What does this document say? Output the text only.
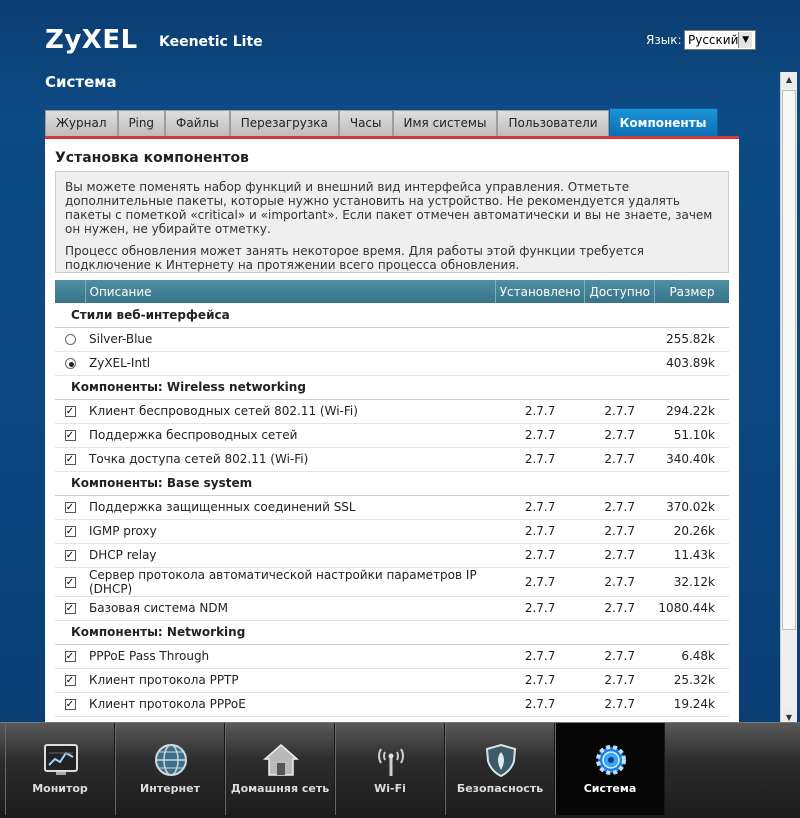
ZyXEL Keenetic Lite	Язык: Русский ▼
Система	▲
▼
Журнал	Ping	Файлы	Перезагрузка	Часы	Имя системы	Пользователи	Компоненты
Установка компонентов

Вы можете поменять набор функций и внешний вид интерфейса управления. Отметьте дополнительные пакеты, которые нужно установить на устройство. Не рекомендуется удалять пакеты с пометкой «critical» и «important». Если пакет отмечен автоматически и вы не знаете, зачем он нужен, не убирайте отметку.

Процесс обновления может занять некоторое время. Для работы этой функции требуется подключение к Интернету на протяжении всего процесса обновления.

	Описание	Установлено	Доступно	Размер
Стили веб-интерфейса				
	Silver-Blue			255.82k
	ZyXEL-Intl			403.89k
Компоненты: Wireless networking				
✓	Клиент беспроводных сетей 802.11 (Wi-Fi)	2.7.7	2.7.7	294.22k
✓	Поддержка беспроводных сетей	2.7.7	2.7.7	51.10k
✓	Точка доступа сетей 802.11 (Wi-Fi)	2.7.7	2.7.7	340.40k
Компоненты: Base system				
✓	Поддержка защищенных соединений SSL	2.7.7	2.7.7	370.02k
✓	IGMP proxy	2.7.7	2.7.7	20.26k
✓	DHCP relay	2.7.7	2.7.7	11.43k
✓	Сервер протокола автоматической настройки параметров IP (DHCP)	2.7.7	2.7.7	32.12k
✓	Базовая система NDM	2.7.7	2.7.7	1080.44k
Компоненты: Networking				
✓	PPPoE Pass Through	2.7.7	2.7.7	6.48k
✓	Клиент протокола PPTP	2.7.7	2.7.7	25.32k
✓	Клиент протокола PPPoE	2.7.7	2.7.7	19.24k
Монитор	Интернет	Домашняя сеть	Wi-Fi	Безопасность	Система
